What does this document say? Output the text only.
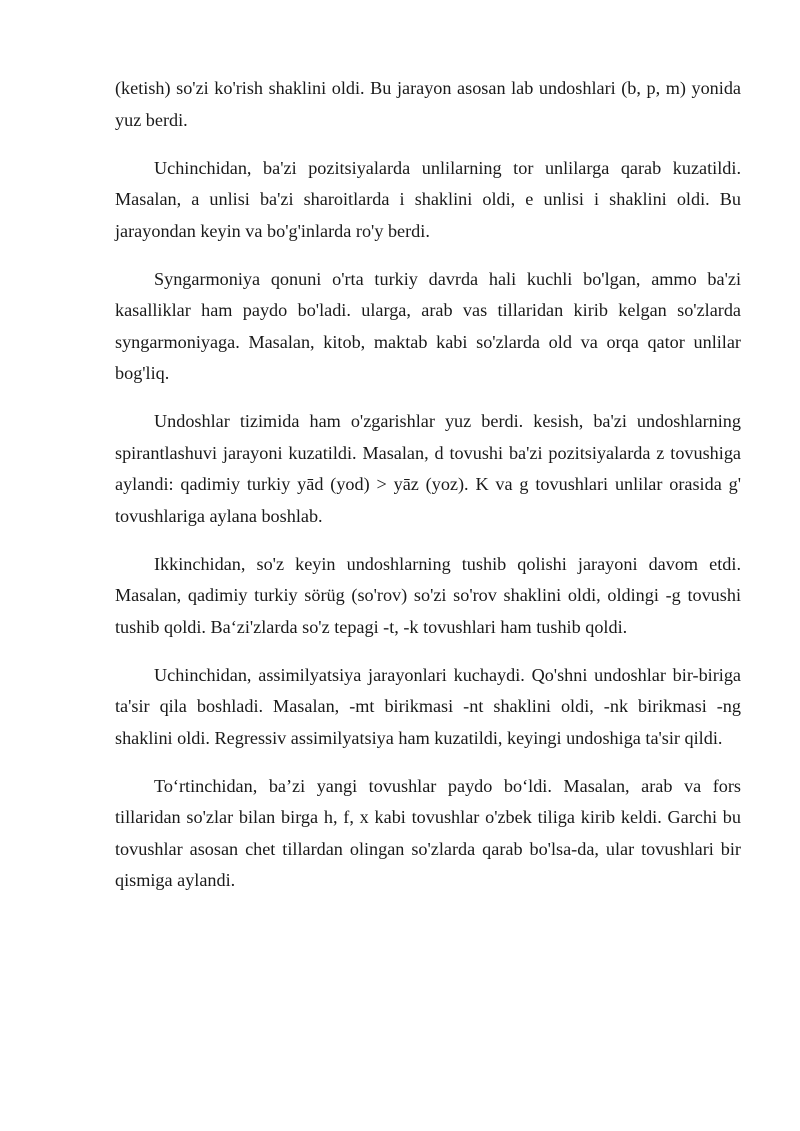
(ketish) so'zi ko'rish shaklini oldi. Bu jarayon asosan lab undoshlari (b, p, m) yonida yuz berdi.

Uchinchidan, ba'zi pozitsiyalarda unlilarning tor unlilarga qarab kuzatildi. Masalan, a unlisi ba'zi sharoitlarda i shaklini oldi, e unlisi i shaklini oldi. Bu jarayondan keyin va bo'g'inlarda ro'y berdi.

Syngarmoniya qonuni o'rta turkiy davrda hali kuchli bo'lgan, ammo ba'zi kasalliklar ham paydo bo'ladi. ularga, arab vas tillaridan kirib kelgan so'zlarda syngarmoniyaga. Masalan, kitob, maktab kabi so'zlarda old va orqa qator unlilar bog'liq.

Undoshlar tizimida ham o'zgarishlar yuz berdi. kesish, ba'zi undoshlarning spirantlashuvi jarayoni kuzatildi. Masalan, d tovushi ba'zi pozitsiyalarda z tovushiga aylandi: qadimiy turkiy yād (yod) > yāz (yoz). K va g tovushlari unlilar orasida g' tovushlariga aylana boshlab.

Ikkinchidan, so'z keyin undoshlarning tushib qolishi jarayoni davom etdi. Masalan, qadimiy turkiy sörüg (so'rov) so'zi so'rov shaklini oldi, oldingi -g tovushi tushib qoldi. Baʻzi'zlarda so'z tepagi -t, -k tovushlari ham tushib qoldi.

Uchinchidan, assimilyatsiya jarayonlari kuchaydi. Qo'shni undoshlar bir-biriga ta'sir qila boshladi. Masalan, -mt birikmasi -nt shaklini oldi, -nk birikmasi -ng shaklini oldi. Regressiv assimilyatsiya ham kuzatildi, keyingi undoshiga ta'sir qildi.

Toʻrtinchidan, baʼzi yangi tovushlar paydo boʻldi. Masalan, arab va fors tillaridan so'zlar bilan birga h, f, x kabi tovushlar o'zbek tiliga kirib keldi. Garchi bu tovushlar asosan chet tillardan olingan so'zlarda qarab bo'lsa-da, ular tovushlari bir qismiga aylandi.
